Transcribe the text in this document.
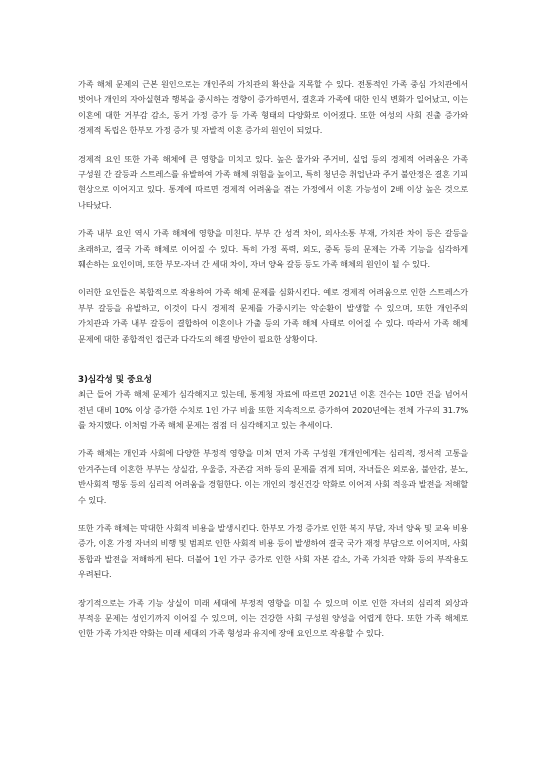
가족 해체 문제의 근본 원인으로는 개인주의 가치관의 확산을 지목할 수 있다. 전통적인 가족 중심 가치관에서 벗어나 개인의 자아실현과 행복을 중시하는 경향이 증가하면서, 결혼과 가족에 대한 인식 변화가 일어났고, 이는 이혼에 대한 거부감 감소, 동거 가정 증가 등 가족 형태의 다양화로 이어졌다. 또한 여성의 사회 진출 증가와 경제적 독립은 한부모 가정 증가 및 자발적 이혼 증가의 원인이 되었다.

경제적 요인 또한 가족 해체에 큰 영향을 미치고 있다. 높은 물가와 주거비, 실업 등의 경제적 어려움은 가족 구성원 간 갈등과 스트레스를 유발하여 가족 해체 위험을 높이고, 특히 청년층 취업난과 주거 불안정은 결혼 기피 현상으로 이어지고 있다. 통계에 따르면 경제적 어려움을 겪는 가정에서 이혼 가능성이 2배 이상 높은 것으로 나타났다.

가족 내부 요인 역시 가족 해체에 영향을 미친다. 부부 간 성격 차이, 의사소통 부재, 가치관 차이 등은 갈등을 초래하고, 결국 가족 해체로 이어질 수 있다. 특히 가정 폭력, 외도, 중독 등의 문제는 가족 기능을 심각하게 훼손하는 요인이며, 또한 부모-자녀 간 세대 차이, 자녀 양육 갈등 등도 가족 해체의 원인이 될 수 있다.

이러한 요인들은 복합적으로 작용하여 가족 해체 문제를 심화시킨다. 예로 경제적 어려움으로 인한 스트레스가 부부 갈등을 유발하고, 이것이 다시 경제적 문제를 가중시키는 악순환이 발생할 수 있으며, 또한 개인주의 가치관과 가족 내부 갈등이 결합하여 이혼이나 가출 등의 가족 해체 사태로 이어질 수 있다. 따라서 가족 해체 문제에 대한 종합적인 접근과 다각도의 해결 방안이 필요한 상황이다.

3)심각성 및 중요성

최근 들어 가족 해체 문제가 심각해지고 있는데, 통계청 자료에 따르면 2021년 이혼 건수는 10만 건을 넘어서 전년 대비 10% 이상 증가한 수치로 1인 가구 비율 또한 지속적으로 증가하여 2020년에는 전체 가구의 31.7%를 차지했다. 이처럼 가족 해체 문제는 점점 더 심각해지고 있는 추세이다.

가족 해체는 개인과 사회에 다양한 부정적 영향을 미쳐 먼저 가족 구성원 개개인에게는 심리적, 정서적 고통을 안겨주는데 이혼한 부부는 상실감, 우울증, 자존감 저하 등의 문제를 겪게 되며, 자녀들은 외로움, 불안감, 분노, 반사회적 행동 등의 심리적 어려움을 경험한다. 이는 개인의 정신건강 악화로 이어져 사회 적응과 발전을 저해할 수 있다.

또한 가족 해체는 막대한 사회적 비용을 발생시킨다. 한부모 가정 증가로 인한 복지 부담, 자녀 양육 및 교육 비용 증가, 이혼 가정 자녀의 비행 및 범죄로 인한 사회적 비용 등이 발생하여 결국 국가 재정 부담으로 이어지며, 사회 통합과 발전을 저해하게 된다. 더불어 1인 가구 증가로 인한 사회 자본 감소, 가족 가치관 약화 등의 부작용도 우려된다.

장기적으로는 가족 기능 상실이 미래 세대에 부정적 영향을 미칠 수 있으며 이로 인한 자녀의 심리적 외상과 부적응 문제는 성인기까지 이어질 수 있으며, 이는 건강한 사회 구성원 양성을 어렵게 한다. 또한 가족 해체로 인한 가족 가치관 약화는 미래 세대의 가족 형성과 유지에 장애 요인으로 작용할 수 있다.
